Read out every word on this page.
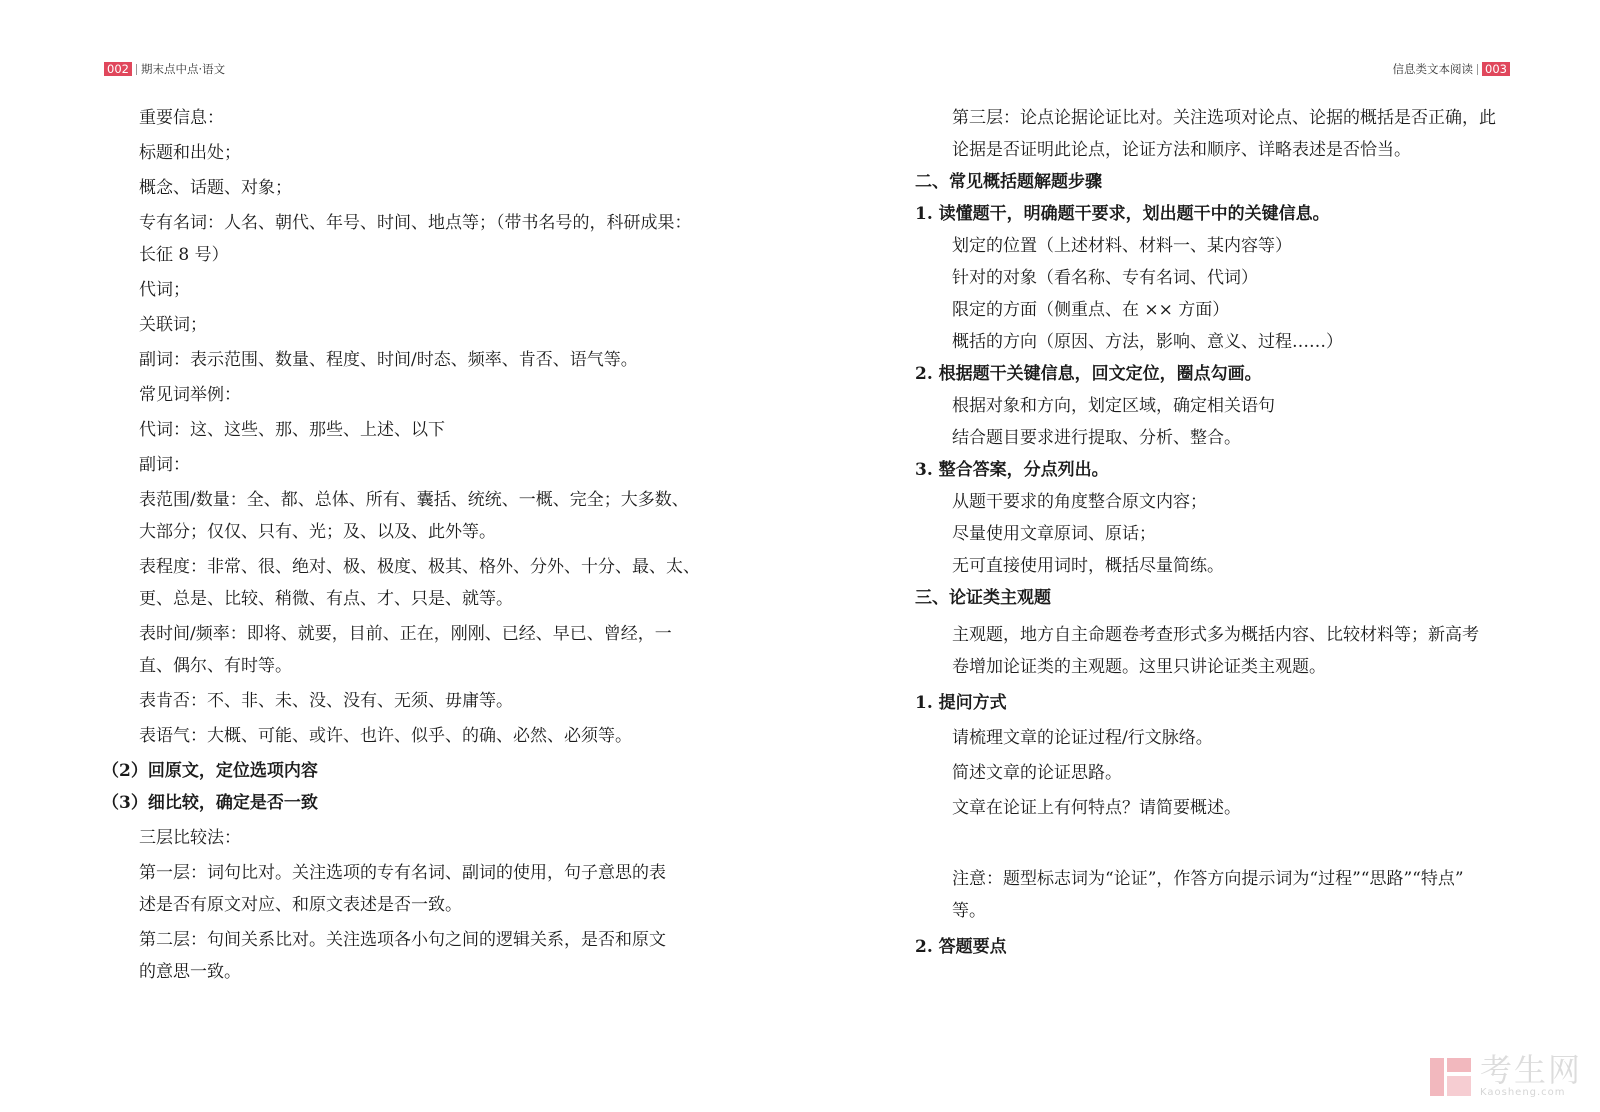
002 期末点中点·语文	信息类文本阅读 003
重要信息：
标题和出处；
概念、话题、对象；
专有名词：人名、朝代、年号、时间、地点等；（带书名号的，科研成果：
长征 8 号）
代词；
关联词；
副词：表示范围、数量、程度、时间/时态、频率、肯否、语气等。
常见词举例：
代词：这、这些、那、那些、上述、以下
副词：
表范围/数量：全、都、总体、所有、囊括、统统、一概、完全；大多数、
大部分；仅仅、只有、光；及、以及、此外等。
表程度：非常、很、绝对、极、极度、极其、格外、分外、十分、最、太、
更、总是、比较、稍微、有点、才、只是、就等。
表时间/频率：即将、就要，目前、正在，刚刚、已经、早已、曾经，一
直、偶尔、有时等。
表肯否：不、非、未、没、没有、无须、毋庸等。
表语气：大概、可能、或许、也许、似乎、的确、必然、必须等。
（2）回原文，定位选项内容
（3）细比较，确定是否一致
三层比较法：
第一层：词句比对。关注选项的专有名词、副词的使用，句子意思的表
述是否有原文对应、和原文表述是否一致。
第二层：句间关系比对。关注选项各小句之间的逻辑关系，是否和原文
的意思一致。
第三层：论点论据论证比对。关注选项对论点、论据的概括是否正确，此
论据是否证明此论点，论证方法和顺序、详略表述是否恰当。
二、常见概括题解题步骤
1. 读懂题干，明确题干要求，划出题干中的关键信息。
划定的位置（上述材料、材料一、某内容等）
针对的对象（看名称、专有名词、代词）
限定的方面（侧重点、在 ×× 方面）
概括的方向（原因、方法，影响、意义、过程……）
2. 根据题干关键信息，回文定位，圈点勾画。
根据对象和方向，划定区域，确定相关语句
结合题目要求进行提取、分析、整合。
3. 整合答案，分点列出。
从题干要求的角度整合原文内容；
尽量使用文章原词、原话；
无可直接使用词时，概括尽量简练。
三、论证类主观题
主观题，地方自主命题卷考查形式多为概括内容、比较材料等；新高考
卷增加论证类的主观题。这里只讲论证类主观题。
1. 提问方式
请梳理文章的论证过程/行文脉络。
简述文章的论证思路。
文章在论证上有何特点？请简要概述。
注意：题型标志词为“论证”，作答方向提示词为“过程”“思路”“特点”
等。
2. 答题要点
考生网
Kaosheng.com
